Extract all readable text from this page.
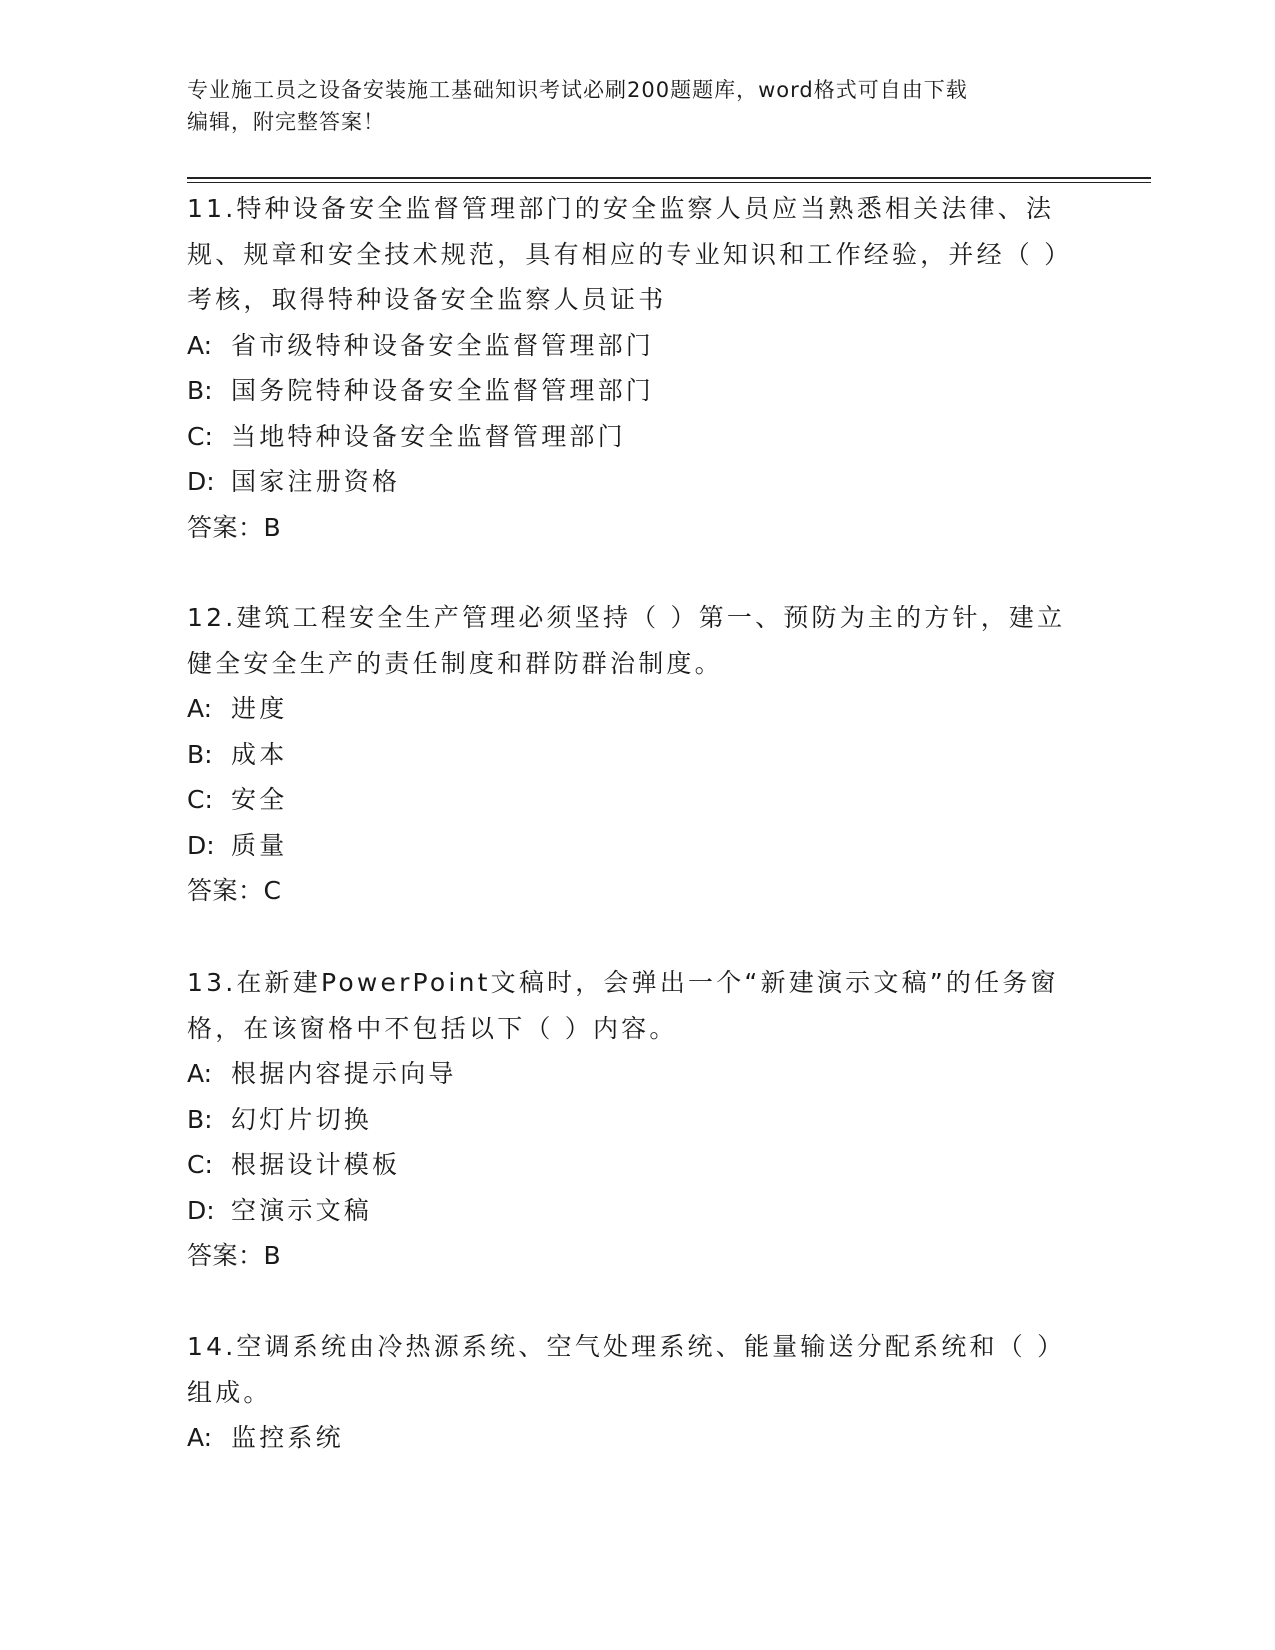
专业施工员之设备安装施工基础知识考试必刷200题题库，word格式可自由下载
编辑，附完整答案！

11.特种设备安全监督管理部门的安全监察人员应当熟悉相关法律、法规、规章和安全技术规范，具有相应的专业知识和工作经验，并经（ ）考核，取得特种设备安全监察人员证书

A: 省市级特种设备安全监督管理部门
B: 国务院特种设备安全监督管理部门
C: 当地特种设备安全监督管理部门
D: 国家注册资格
答案：B

12.建筑工程安全生产管理必须坚持（ ）第一、预防为主的方针，建立健全安全生产的责任制度和群防群治制度。

A: 进度
B: 成本
C: 安全
D: 质量
答案：C

13.在新建PowerPoint文稿时，会弹出一个“新建演示文稿”的任务窗格，在该窗格中不包括以下（ ）内容。

A: 根据内容提示向导
B: 幻灯片切换
C: 根据设计模板
D: 空演示文稿
答案：B

14.空调系统由冷热源系统、空气处理系统、能量输送分配系统和（ ）组成。

A: 监控系统
